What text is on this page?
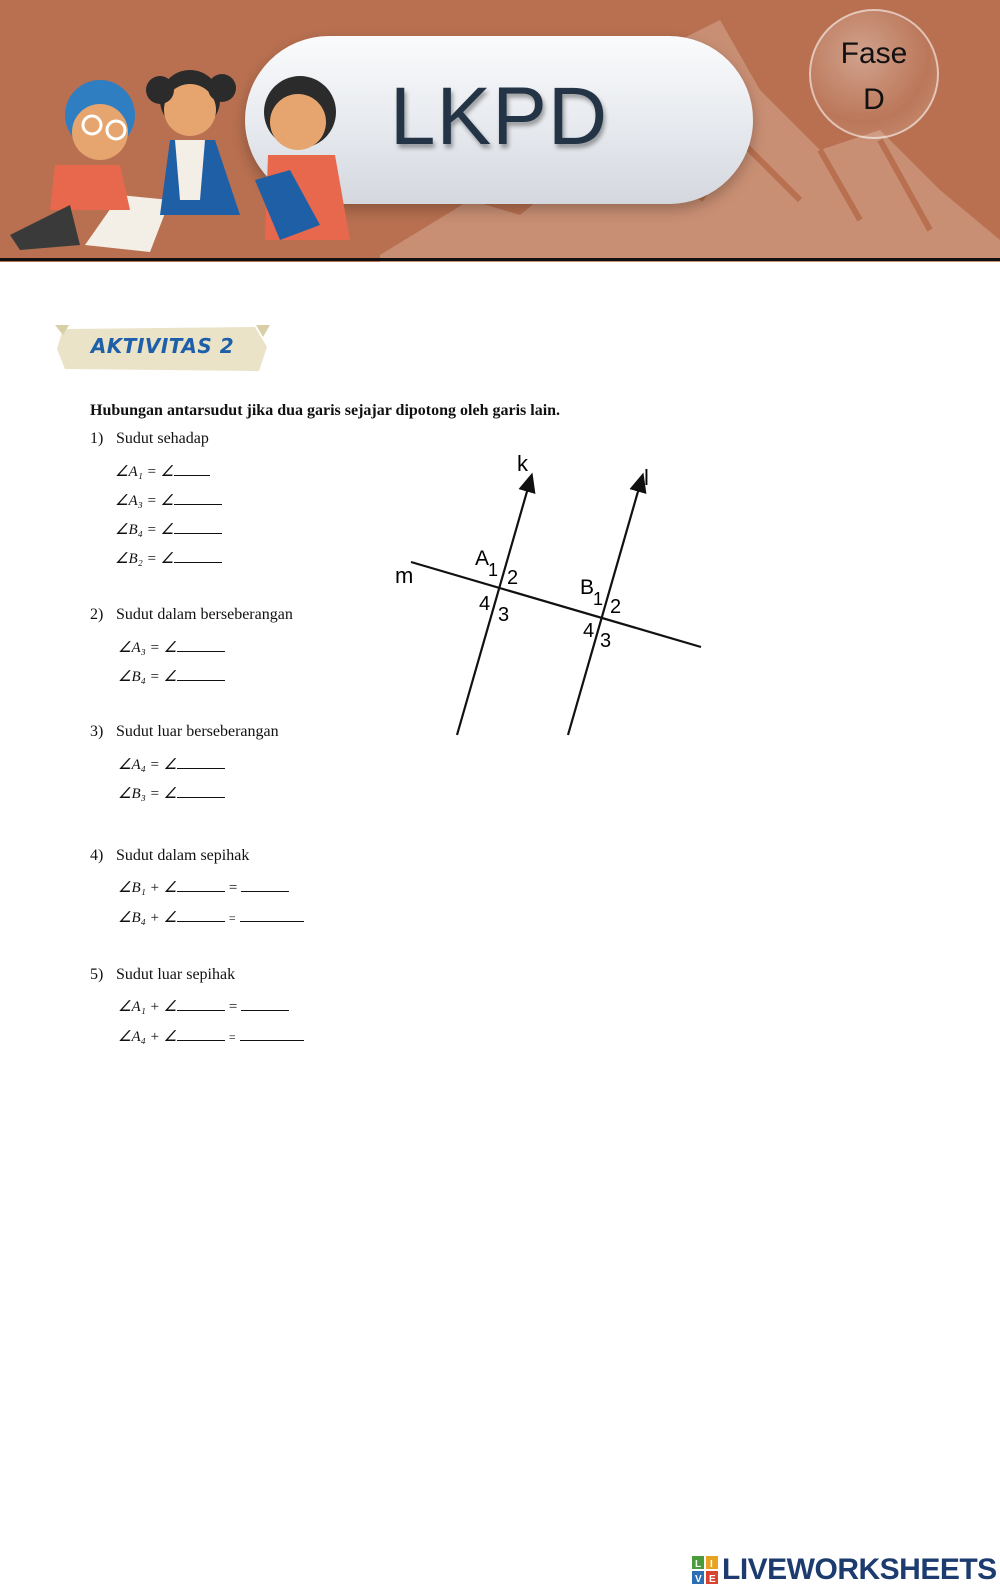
LKPD
Fase
D
AKTIVITAS 2
Hubungan antarsudut jika dua garis sejajar dipotong oleh garis lain.
1) Sudut sehadap
∠A₁ = ∠
∠A₃ = ∠
∠B₄ = ∠
∠B₂ = ∠
2) Sudut dalam berseberangan
∠A₃ = ∠
∠B₄ = ∠
3) Sudut luar berseberangan
∠A₄ = ∠
∠B₃ = ∠
4) Sudut dalam sepihak
∠B₁ + ∠	=
∠B₄ + ∠	=
5) Sudut luar sepihak
∠A₁ + ∠	=
∠A₄ + ∠	=
k
l
m
A
1 2
3
4
B
1 2
3
4
L I
V E LIVEWORKSHEETS
